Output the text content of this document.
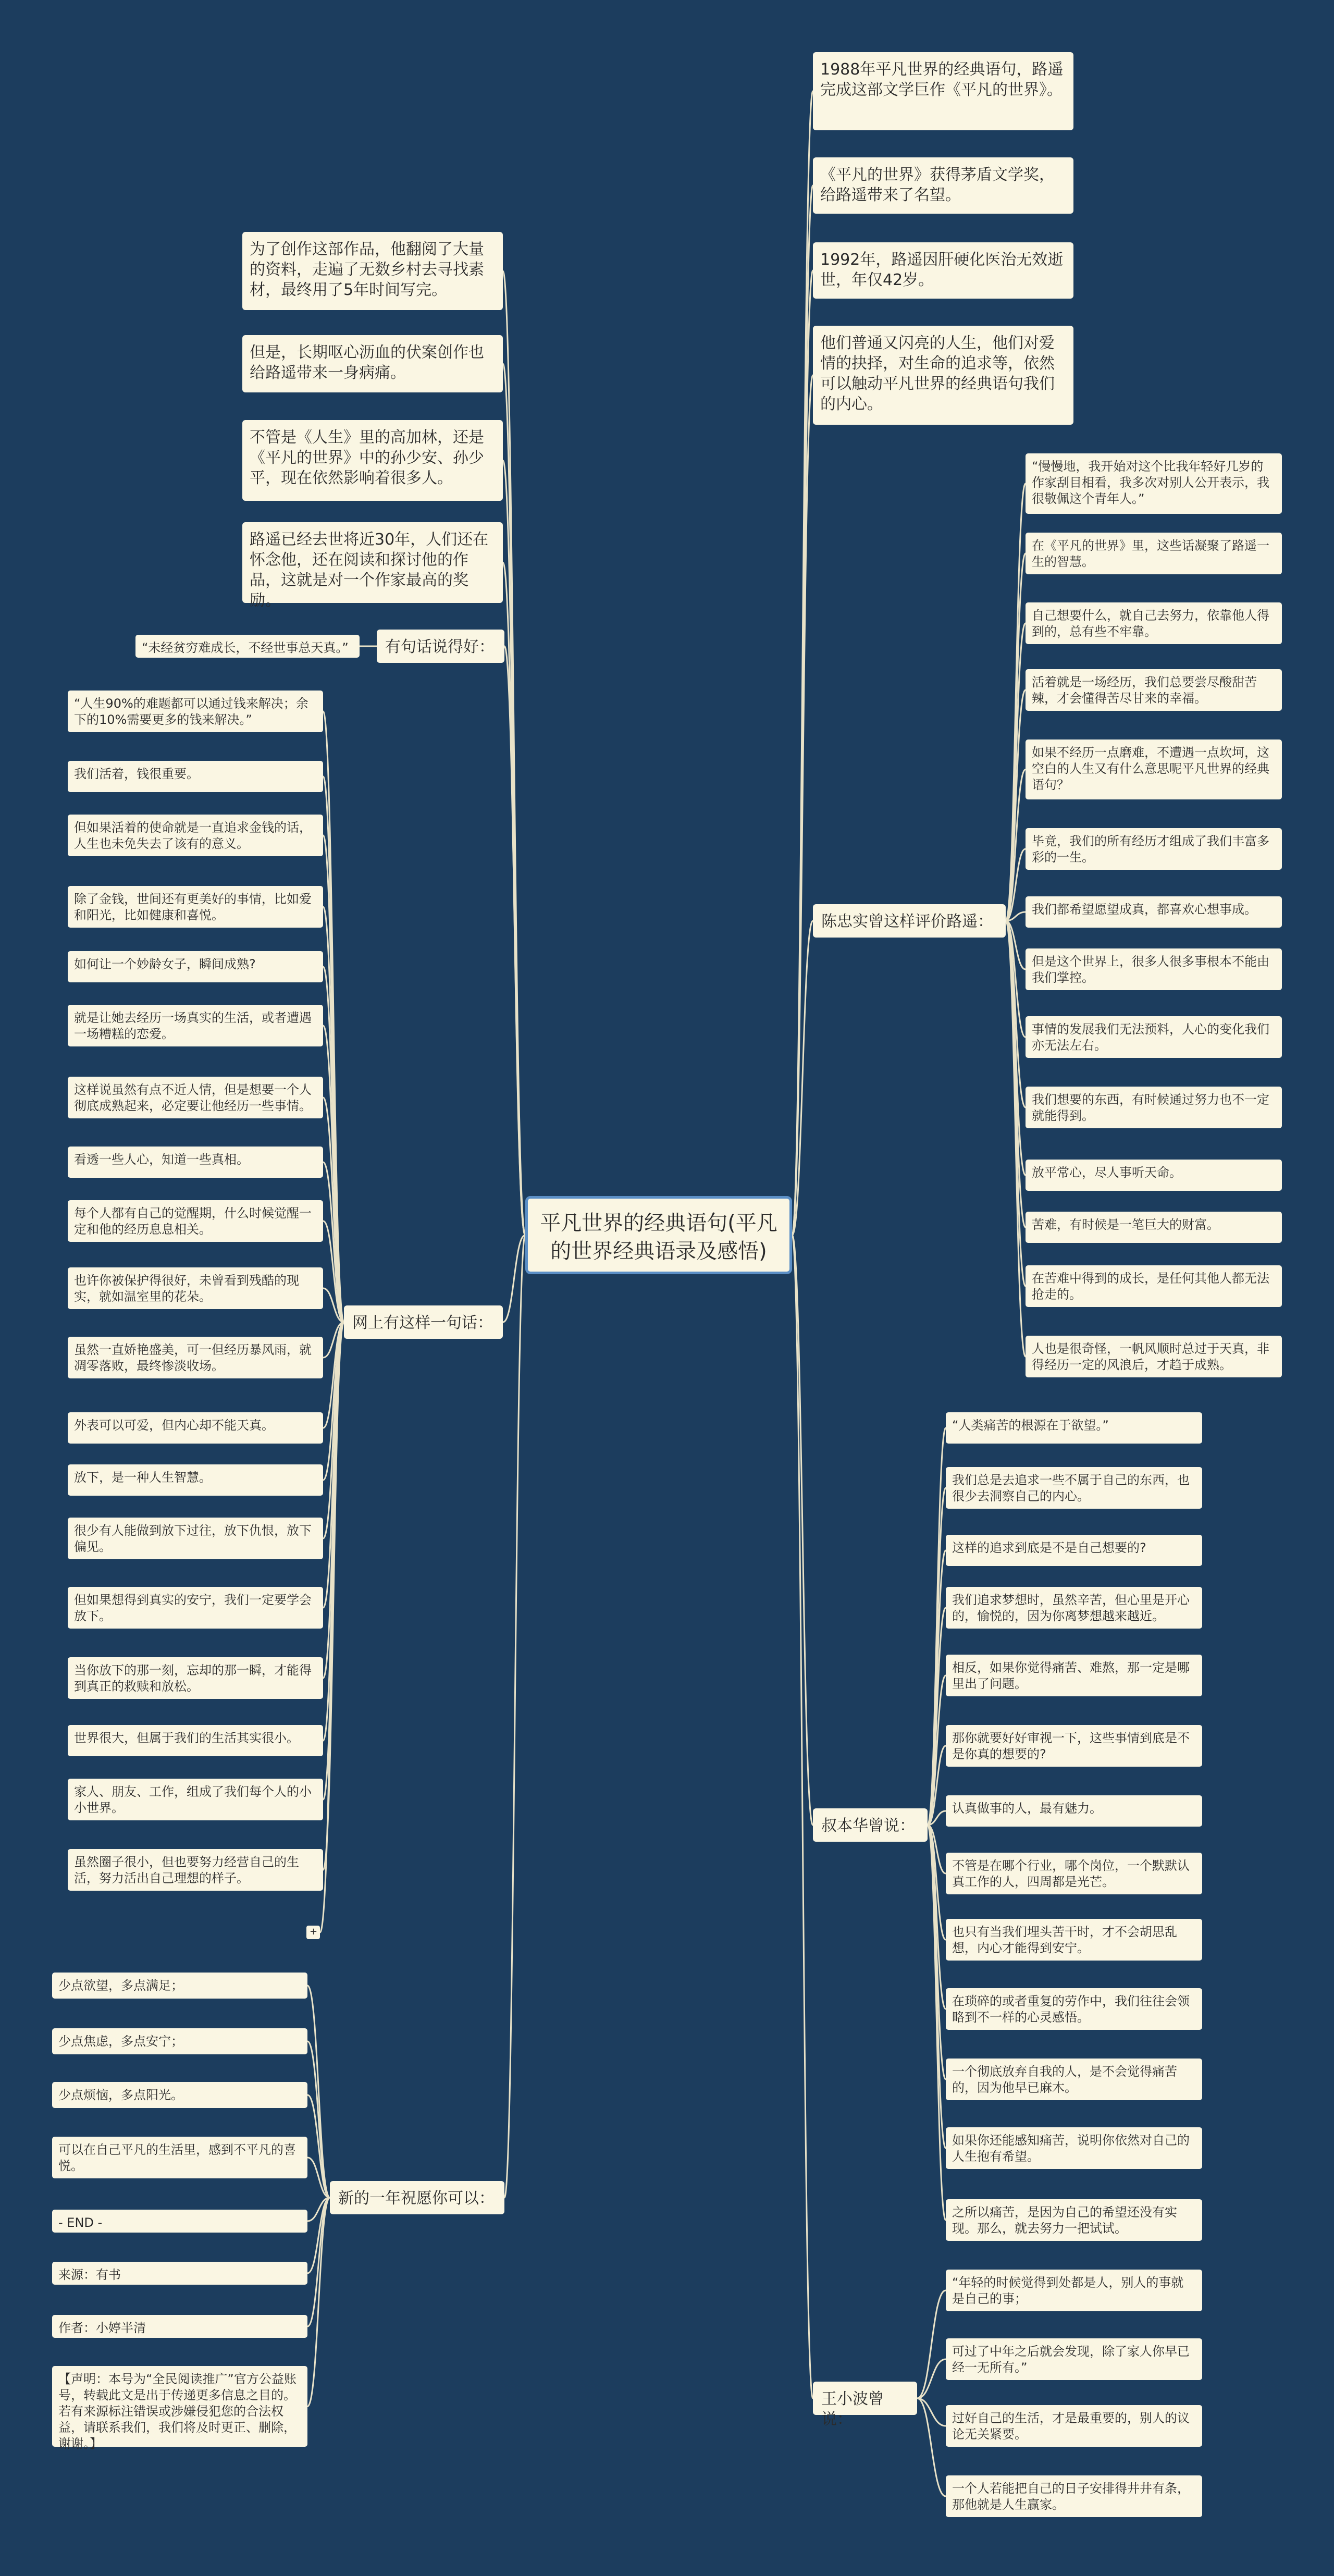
平凡世界的经典语句(平凡的世界经典语录及感悟)
1988年平凡世界的经典语句，路遥完成这部文学巨作《平凡的世界》。
《平凡的世界》获得茅盾文学奖，给路遥带来了名望。
1992年，路遥因肝硬化医治无效逝世，年仅42岁。
他们普通又闪亮的人生，他们对爱情的抉择，对生命的追求等，依然可以触动平凡世界的经典语句我们的内心。
陈忠实曾这样评价路遥：
“慢慢地，我开始对这个比我年轻好几岁的作家刮目相看，我多次对别人公开表示，我很敬佩这个青年人。”
在《平凡的世界》里，这些话凝聚了路遥一生的智慧。
自己想要什么，就自己去努力，依靠他人得到的，总有些不牢靠。
活着就是一场经历，我们总要尝尽酸甜苦辣，才会懂得苦尽甘来的幸福。
如果不经历一点磨难，不遭遇一点坎坷，这空白的人生又有什么意思呢平凡世界的经典语句？
毕竟，我们的所有经历才组成了我们丰富多彩的一生。
我们都希望愿望成真，都喜欢心想事成。
但是这个世界上，很多人很多事根本不能由我们掌控。
事情的发展我们无法预料，人心的变化我们亦无法左右。
我们想要的东西，有时候通过努力也不一定就能得到。
放平常心，尽人事听天命。
苦难，有时候是一笔巨大的财富。
在苦难中得到的成长，是任何其他人都无法抢走的。
人也是很奇怪，一帆风顺时总过于天真，非得经历一定的风浪后，才趋于成熟。
叔本华曾说：
“人类痛苦的根源在于欲望。”
我们总是去追求一些不属于自己的东西，也很少去洞察自己的内心。
这样的追求到底是不是自己想要的?
我们追求梦想时，虽然辛苦，但心里是开心的，愉悦的，因为你离梦想越来越近。
相反，如果你觉得痛苦、难熬，那一定是哪里出了问题。
那你就要好好审视一下，这些事情到底是不是你真的想要的?
认真做事的人，最有魅力。
不管是在哪个行业，哪个岗位，一个默默认真工作的人，四周都是光芒。
也只有当我们埋头苦干时，才不会胡思乱想，内心才能得到安宁。
在琐碎的或者重复的劳作中，我们往往会领略到不一样的心灵感悟。
一个彻底放弃自我的人，是不会觉得痛苦的，因为他早已麻木。
如果你还能感知痛苦，说明你依然对自己的人生抱有希望。
之所以痛苦，是因为自己的希望还没有实现。那么，就去努力一把试试。
王小波曾说：
“年轻的时候觉得到处都是人，别人的事就是自己的事；
可过了中年之后就会发现，除了家人你早已经一无所有。”
过好自己的生活，才是最重要的，别人的议论无关紧要。
一个人若能把自己的日子安排得井井有条，那他就是人生赢家。
为了创作这部作品，他翻阅了大量的资料，走遍了无数乡村去寻找素材，最终用了5年时间写完。
但是，长期呕心沥血的伏案创作也给路遥带来一身病痛。
不管是《人生》里的高加林，还是《平凡的世界》中的孙少安、孙少平，现在依然影响着很多人。
路遥已经去世将近30年，人们还在怀念他，还在阅读和探讨他的作品，这就是对一个作家最高的奖励。
有句话说得好：
“未经贫穷难成长，不经世事总天真。”
网上有这样一句话：
“人生90%的难题都可以通过钱来解决；余下的10%需要更多的钱来解决。”
我们活着，钱很重要。
但如果活着的使命就是一直追求金钱的话，人生也未免失去了该有的意义。
除了金钱，世间还有更美好的事情，比如爱和阳光，比如健康和喜悦。
如何让一个妙龄女子，瞬间成熟?
就是让她去经历一场真实的生活，或者遭遇一场糟糕的恋爱。
这样说虽然有点不近人情，但是想要一个人彻底成熟起来，必定要让他经历一些事情。
看透一些人心，知道一些真相。
每个人都有自己的觉醒期，什么时候觉醒一定和他的经历息息相关。
也许你被保护得很好，未曾看到残酷的现实，就如温室里的花朵。
虽然一直娇艳盛美，可一但经历暴风雨，就凋零落败，最终惨淡收场。
外表可以可爱，但内心却不能天真。
放下，是一种人生智慧。
很少有人能做到放下过往，放下仇恨，放下偏见。
但如果想得到真实的安宁，我们一定要学会放下。
当你放下的那一刻，忘却的那一瞬，才能得到真正的救赎和放松。
世界很大，但属于我们的生活其实很小。
家人、朋友、工作，组成了我们每个人的小小世界。
虽然圈子很小，但也要努力经营自己的生活，努力活出自己理想的样子。
新的一年祝愿你可以：
少点欲望，多点满足；
少点焦虑，多点安宁；
少点烦恼，多点阳光。
可以在自己平凡的生活里，感到不平凡的喜悦。
- END -
来源：有书
作者：小婷半清
【声明：本号为“全民阅读推广”官方公益账号，转载此文是出于传递更多信息之目的。若有来源标注错误或涉嫌侵犯您的合法权益，请联系我们，我们将及时更正、删除，谢谢。】
+
